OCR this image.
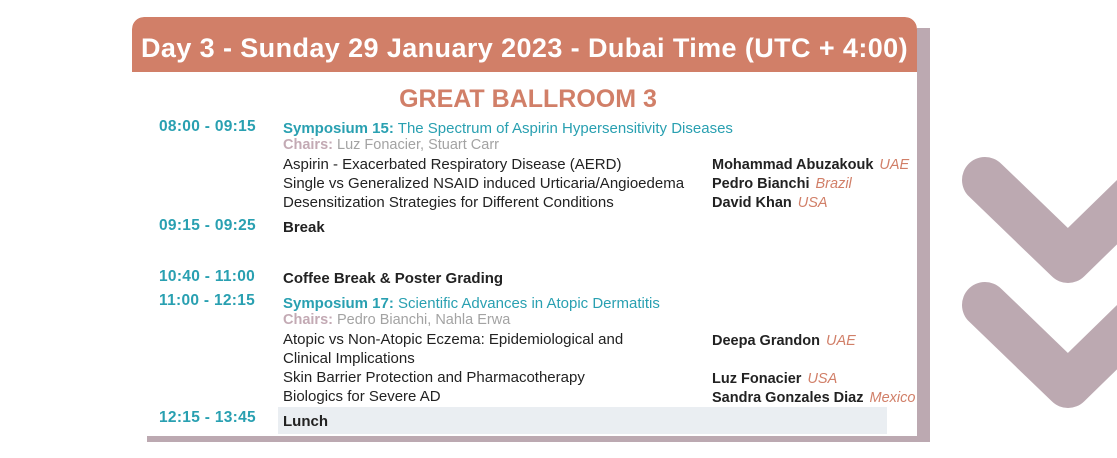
Day 3 - Sunday 29 January 2023 - Dubai Time (UTC + 4:00)
GREAT BALLROOM 3
08:00 - 09:15 Symposium 15: The Spectrum of Aspirin Hypersensitivity Diseases
Chairs: Luz Fonacier, Stuart Carr
Aspirin - Exacerbated Respiratory Disease (AERD)
Single vs Generalized NSAID induced Urticaria/Angioedema
Desensitization Strategies for Different Conditions
Mohammad Abuzakouk UAE
Pedro Bianchi Brazil
David Khan USA
09:15 - 09:25 Break
10:40 - 11:00 Coffee Break & Poster Grading
11:00 - 12:15 Symposium 17: Scientific Advances in Atopic Dermatitis
Chairs: Pedro Bianchi, Nahla Erwa
Atopic vs Non-Atopic Eczema: Epidemiological and
Clinical Implications
Skin Barrier Protection and Pharmacotherapy
Biologics for Severe AD
Deepa Grandon UAE
Luz Fonacier USA
Sandra Gonzales Diaz Mexico
12:15 - 13:45 Lunch
